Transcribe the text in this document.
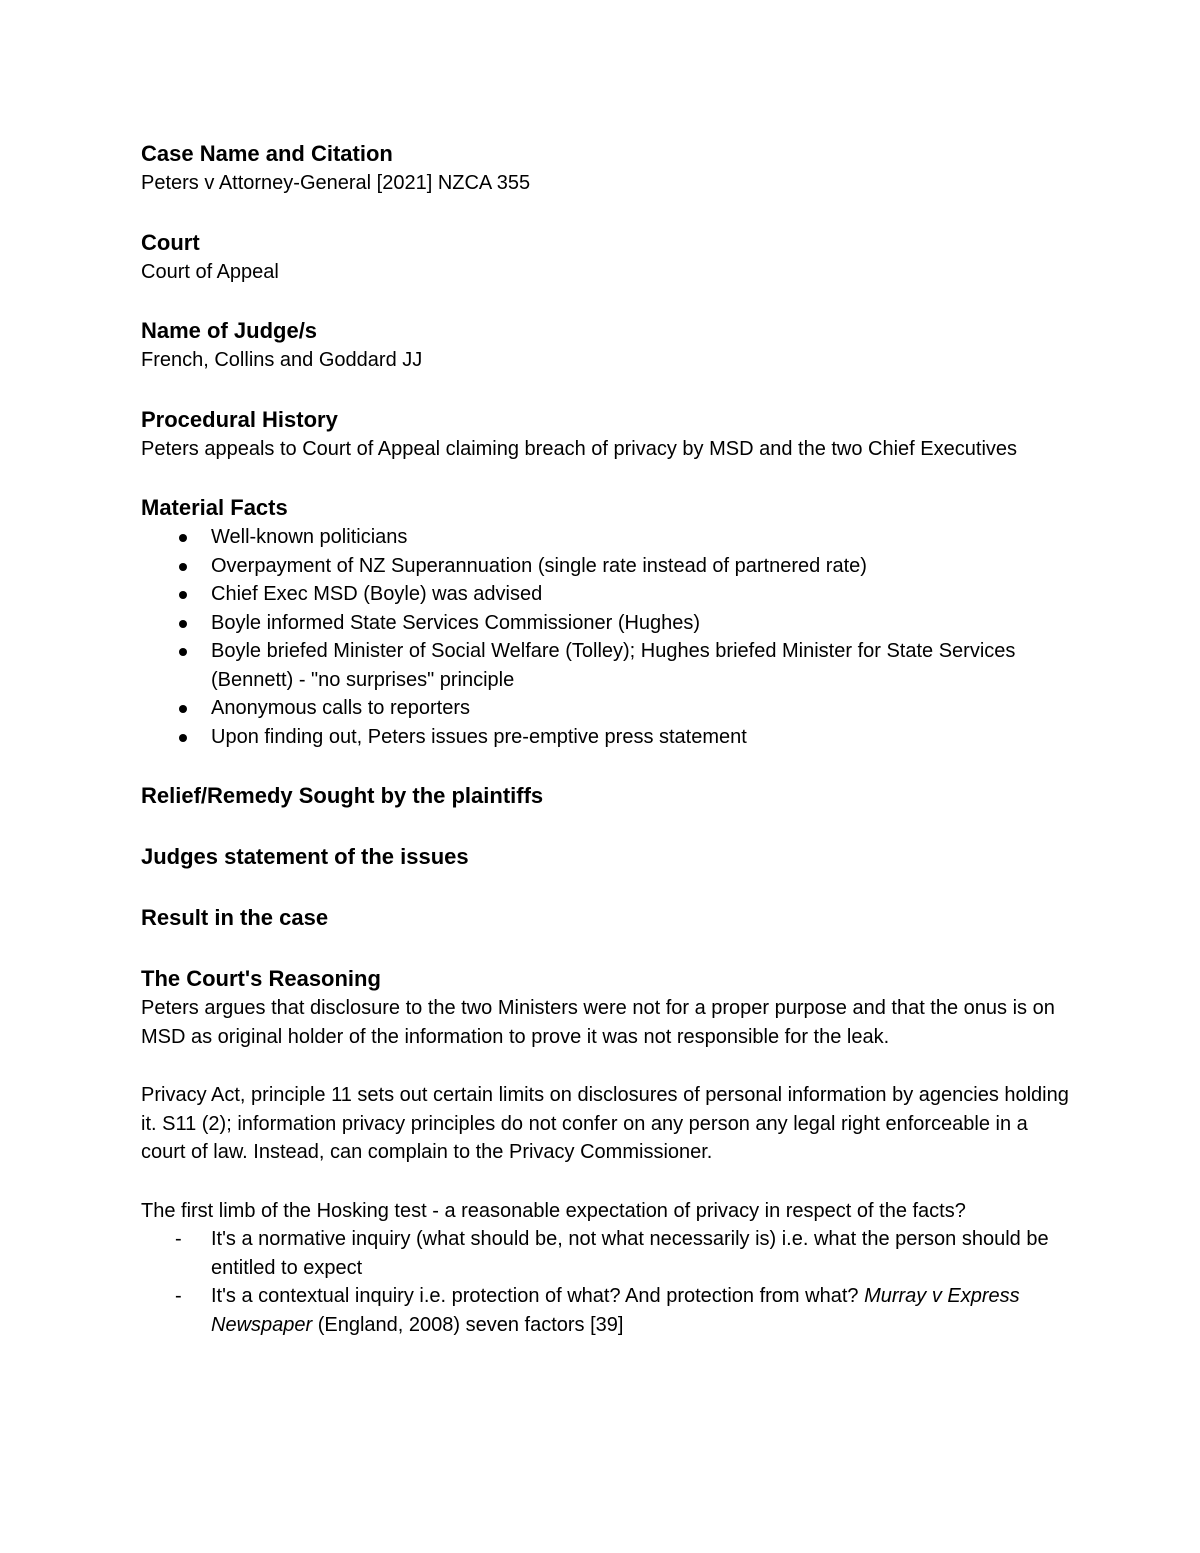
Case Name and Citation

Peters v Attorney-General [2021] NZCA 355

Court

Court of Appeal

Name of Judge/s

French, Collins and Goddard JJ

Procedural History

Peters appeals to Court of Appeal claiming breach of privacy by MSD and the two Chief Executives

Material Facts

Well-known politicians
Overpayment of NZ Superannuation (single rate instead of partnered rate)
Chief Exec MSD (Boyle) was advised
Boyle informed State Services Commissioner (Hughes)
Boyle briefed Minister of Social Welfare (Tolley); Hughes briefed Minister for State Services (Bennett) - "no surprises" principle
Anonymous calls to reporters
Upon finding out, Peters issues pre-emptive press statement

Relief/Remedy Sought by the plaintiffs

Judges statement of the issues

Result in the case

The Court's Reasoning

Peters argues that disclosure to the two Ministers were not for a proper purpose and that the onus is on MSD as original holder of the information to prove it was not responsible for the leak.

Privacy Act, principle 11 sets out certain limits on disclosures of personal information by agencies holding it. S11 (2); information privacy principles do not confer on any person any legal right enforceable in a court of law. Instead, can complain to the Privacy Commissioner.

The first limb of the Hosking test - a reasonable expectation of privacy in respect of the facts?

- It's a normative inquiry (what should be, not what necessarily is) i.e. what the person should be entitled to expect
- It's a contextual inquiry i.e. protection of what? And protection from what? Murray v Express Newspaper (England, 2008) seven factors [39]
